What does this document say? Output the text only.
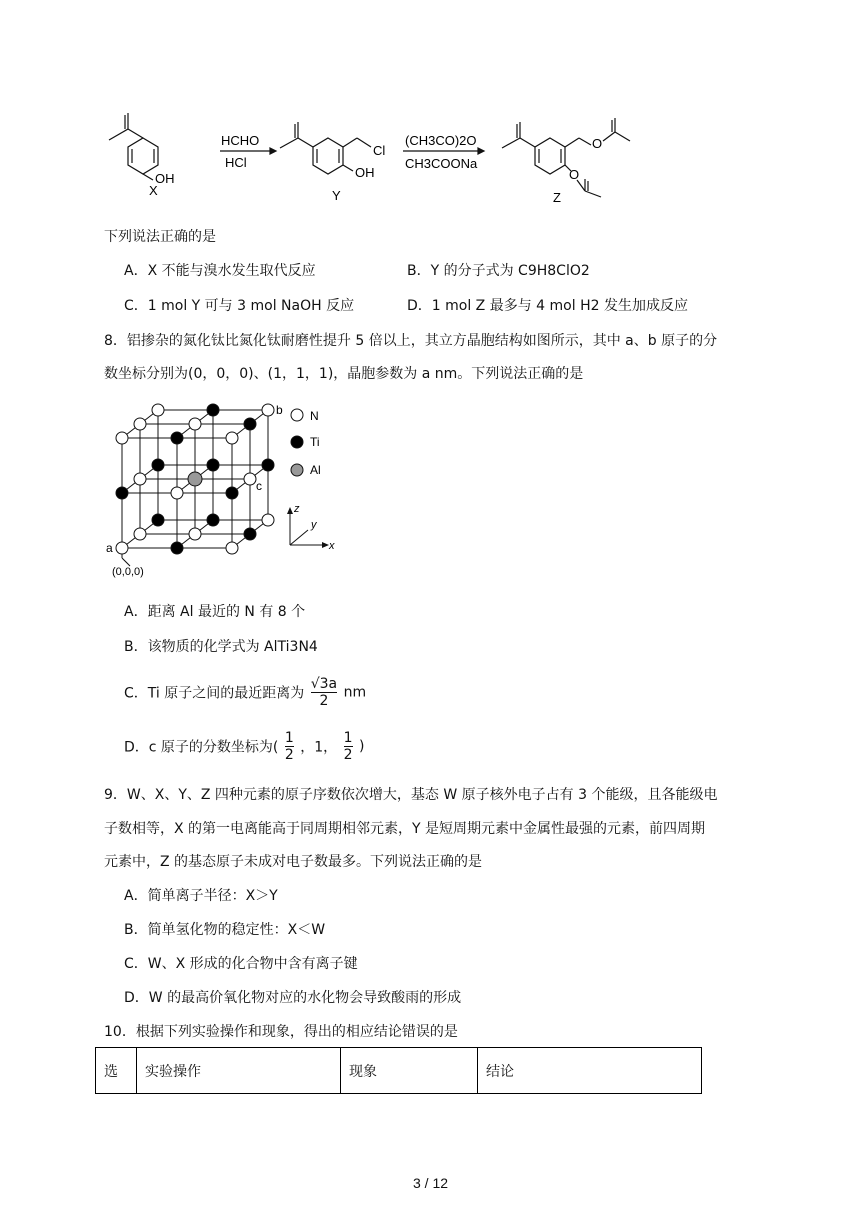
HCHO
HCl
(CH3CO)2O
CH3COONa
X
OH
Y
OH
Cl
Z
O
O
下列说法正确的是
A．X 不能与溴水发生取代反应	B．Y 的分子式为 C9H8ClO2
C．1 mol Y 可与 3 mol NaOH 反应	D．1 mol Z 最多与 4 mol H2 发生加成反应
8．铝掺杂的氮化钛比氮化钛耐磨性提升 5 倍以上，其立方晶胞结构如图所示，其中 a、b 原子的分
数坐标分别为(0，0，0)、(1，1，1)，晶胞参数为 a nm。下列说法正确的是
N
Ti
Al
z
y
x
a
b
c
(0,0,0)
A．距离 Al 最近的 N 有 8 个
B．该物质的化学式为 AlTi3N4
C．Ti 原子之间的最近距离为 $\frac{√3a}{2}$ nm
D．c 原子的分数坐标为( $\frac{1}{2}$ ，1， $\frac{1}{2}$ )
9．W、X、Y、Z 四种元素的原子序数依次增大，基态 W 原子核外电子占有 3 个能级，且各能级电
子数相等，X 的第一电离能高于同周期相邻元素，Y 是短周期元素中金属性最强的元素，前四周期
元素中，Z 的基态原子未成对电子数最多。下列说法正确的是
A．简单离子半径：X＞Y
B．简单氢化物的稳定性：X＜W
C．W、X 形成的化合物中含有离子键
D．W 的最高价氧化物对应的水化物会导致酸雨的形成
10．根据下列实验操作和现象，得出的相应结论错误的是
选	实验操作	现象	结论
3 / 12
